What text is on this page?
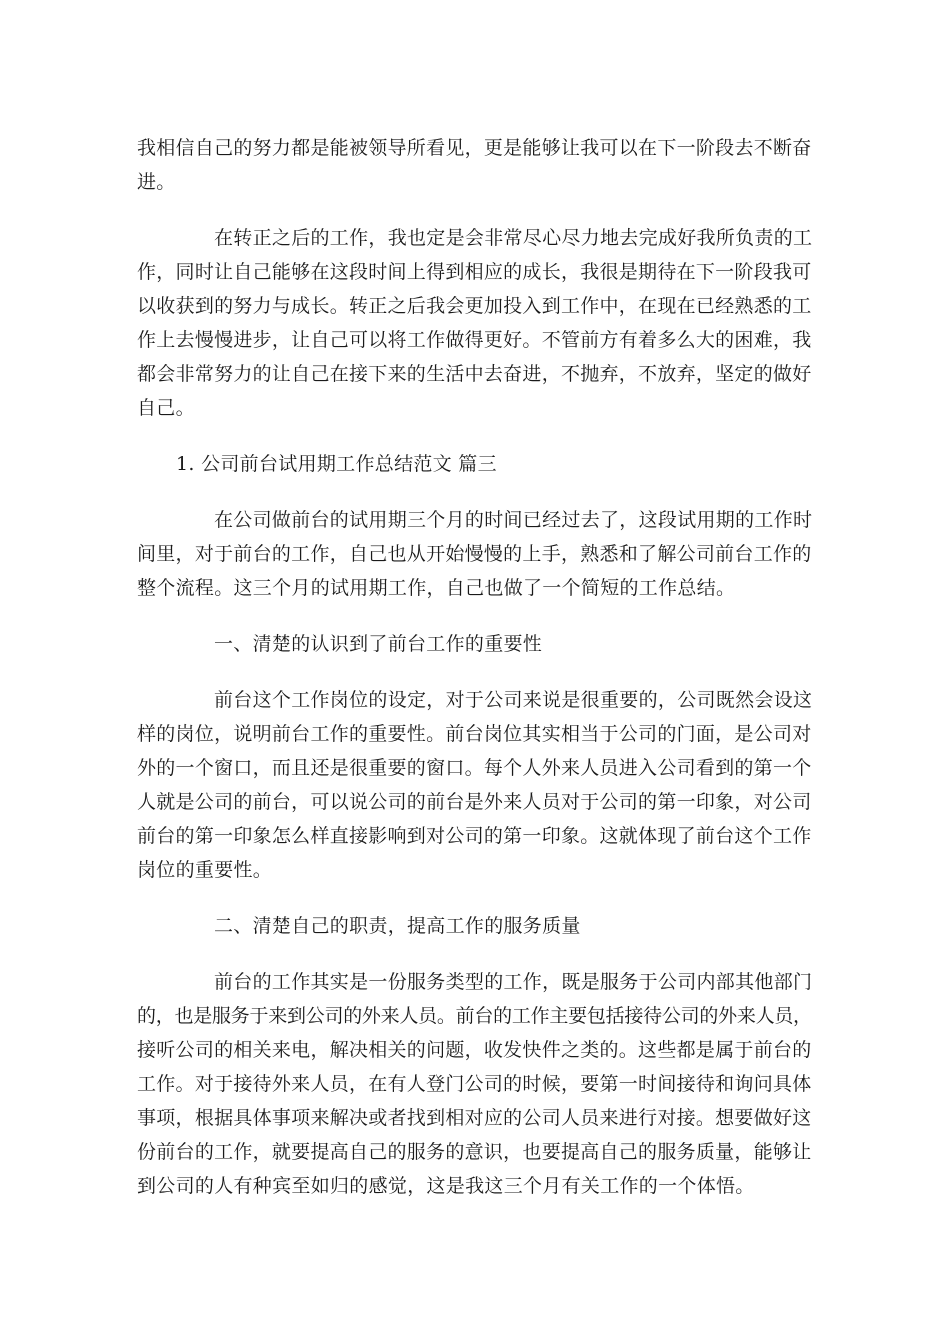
我相信自己的努力都是能被领导所看见，更是能够让我可以在下一阶段去不断奋
进。
在转正之后的工作，我也定是会非常尽心尽力地去完成好我所负责的工
作，同时让自己能够在这段时间上得到相应的成长，我很是期待在下一阶段我可
以收获到的努力与成长。转正之后我会更加投入到工作中，在现在已经熟悉的工
作上去慢慢进步，让自己可以将工作做得更好。不管前方有着多么大的困难，我
都会非常努力的让自己在接下来的生活中去奋进，不抛弃，不放弃，坚定的做好
自己。
1. 公司前台试用期工作总结范文 篇三
在公司做前台的试用期三个月的时间已经过去了，这段试用期的工作时
间里，对于前台的工作，自己也从开始慢慢的上手，熟悉和了解公司前台工作的
整个流程。这三个月的试用期工作，自己也做了一个简短的工作总结。
一、清楚的认识到了前台工作的重要性
前台这个工作岗位的设定，对于公司来说是很重要的，公司既然会设这
样的岗位，说明前台工作的重要性。前台岗位其实相当于公司的门面，是公司对
外的一个窗口，而且还是很重要的窗口。每个人外来人员进入公司看到的第一个
人就是公司的前台，可以说公司的前台是外来人员对于公司的第一印象，对公司
前台的第一印象怎么样直接影响到对公司的第一印象。这就体现了前台这个工作
岗位的重要性。
二、清楚自己的职责，提高工作的服务质量
前台的工作其实是一份服务类型的工作，既是服务于公司内部其他部门
的，也是服务于来到公司的外来人员。前台的工作主要包括接待公司的外来人员，
接听公司的相关来电，解决相关的问题，收发快件之类的。这些都是属于前台的
工作。对于接待外来人员，在有人登门公司的时候，要第一时间接待和询问具体
事项，根据具体事项来解决或者找到相对应的公司人员来进行对接。想要做好这
份前台的工作，就要提高自己的服务的意识，也要提高自己的服务质量，能够让
到公司的人有种宾至如归的感觉，这是我这三个月有关工作的一个体悟。
